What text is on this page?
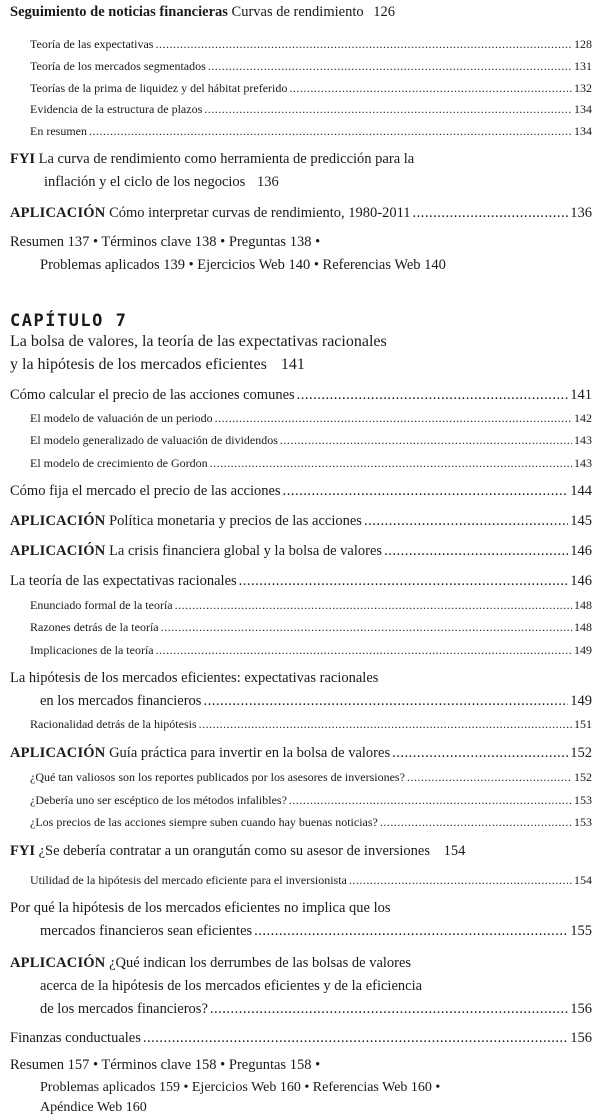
Seguimiento de noticias financieras Curvas de rendimiento 126
Teoría de las expectativas .....	128
Teoría de los mercados segmentados .....	131
Teorías de la prima de liquidez y del hábitat preferido .....	132
Evidencia de la estructura de plazos .....	134
En resumen .....	134
FYI La curva de rendimiento como herramienta de predicción para la
inflación y el ciclo de los negocios 136
APLICACIÓN Cómo interpretar curvas de rendimiento, 1980-2011 .....	136
Resumen 137 • Términos clave 138 • Preguntas 138 •
Problemas aplicados 139 • Ejercicios Web 140 • Referencias Web 140
CAPÍTULO 7
La bolsa de valores, la teoría de las expectativas racionales
y la hipótesis de los mercados eficientes 141
Cómo calcular el precio de las acciones comunes .....	141
El modelo de valuación de un periodo .....	142
El modelo generalizado de valuación de dividendos .....	143
El modelo de crecimiento de Gordon .....	143
Cómo fija el mercado el precio de las acciones .....	144
APLICACIÓN Política monetaria y precios de las acciones .....	145
APLICACIÓN La crisis financiera global y la bolsa de valores .....	146
La teoría de las expectativas racionales .....	146
Enunciado formal de la teoría .....	148
Razones detrás de la teoría .....	148
Implicaciones de la teoría .....	149
La hipótesis de los mercados eficientes: expectativas racionales
en los mercados financieros .....	149
Racionalidad detrás de la hipótesis .....	151
APLICACIÓN Guía práctica para invertir en la bolsa de valores .....	152
¿Qué tan valiosos son los reportes publicados por los asesores de inversiones? .....	152
¿Debería uno ser escéptico de los métodos infalibles? .....	153
¿Los precios de las acciones siempre suben cuando hay buenas noticias? .....	153
FYI ¿Se debería contratar a un orangután como su asesor de inversiones 154
Utilidad de la hipótesis del mercado eficiente para el inversionista .....	154
Por qué la hipótesis de los mercados eficientes no implica que los
mercados financieros sean eficientes .....	155
APLICACIÓN ¿Qué indican los derrumbes de las bolsas de valores
acerca de la hipótesis de los mercados eficientes y de la eficiencia
de los mercados financieros? .....	156
Finanzas conductuales .....	156
Resumen 157 • Términos clave 158 • Preguntas 158 •
Problemas aplicados 159 • Ejercicios Web 160 • Referencias Web 160 •
Apéndice Web 160
